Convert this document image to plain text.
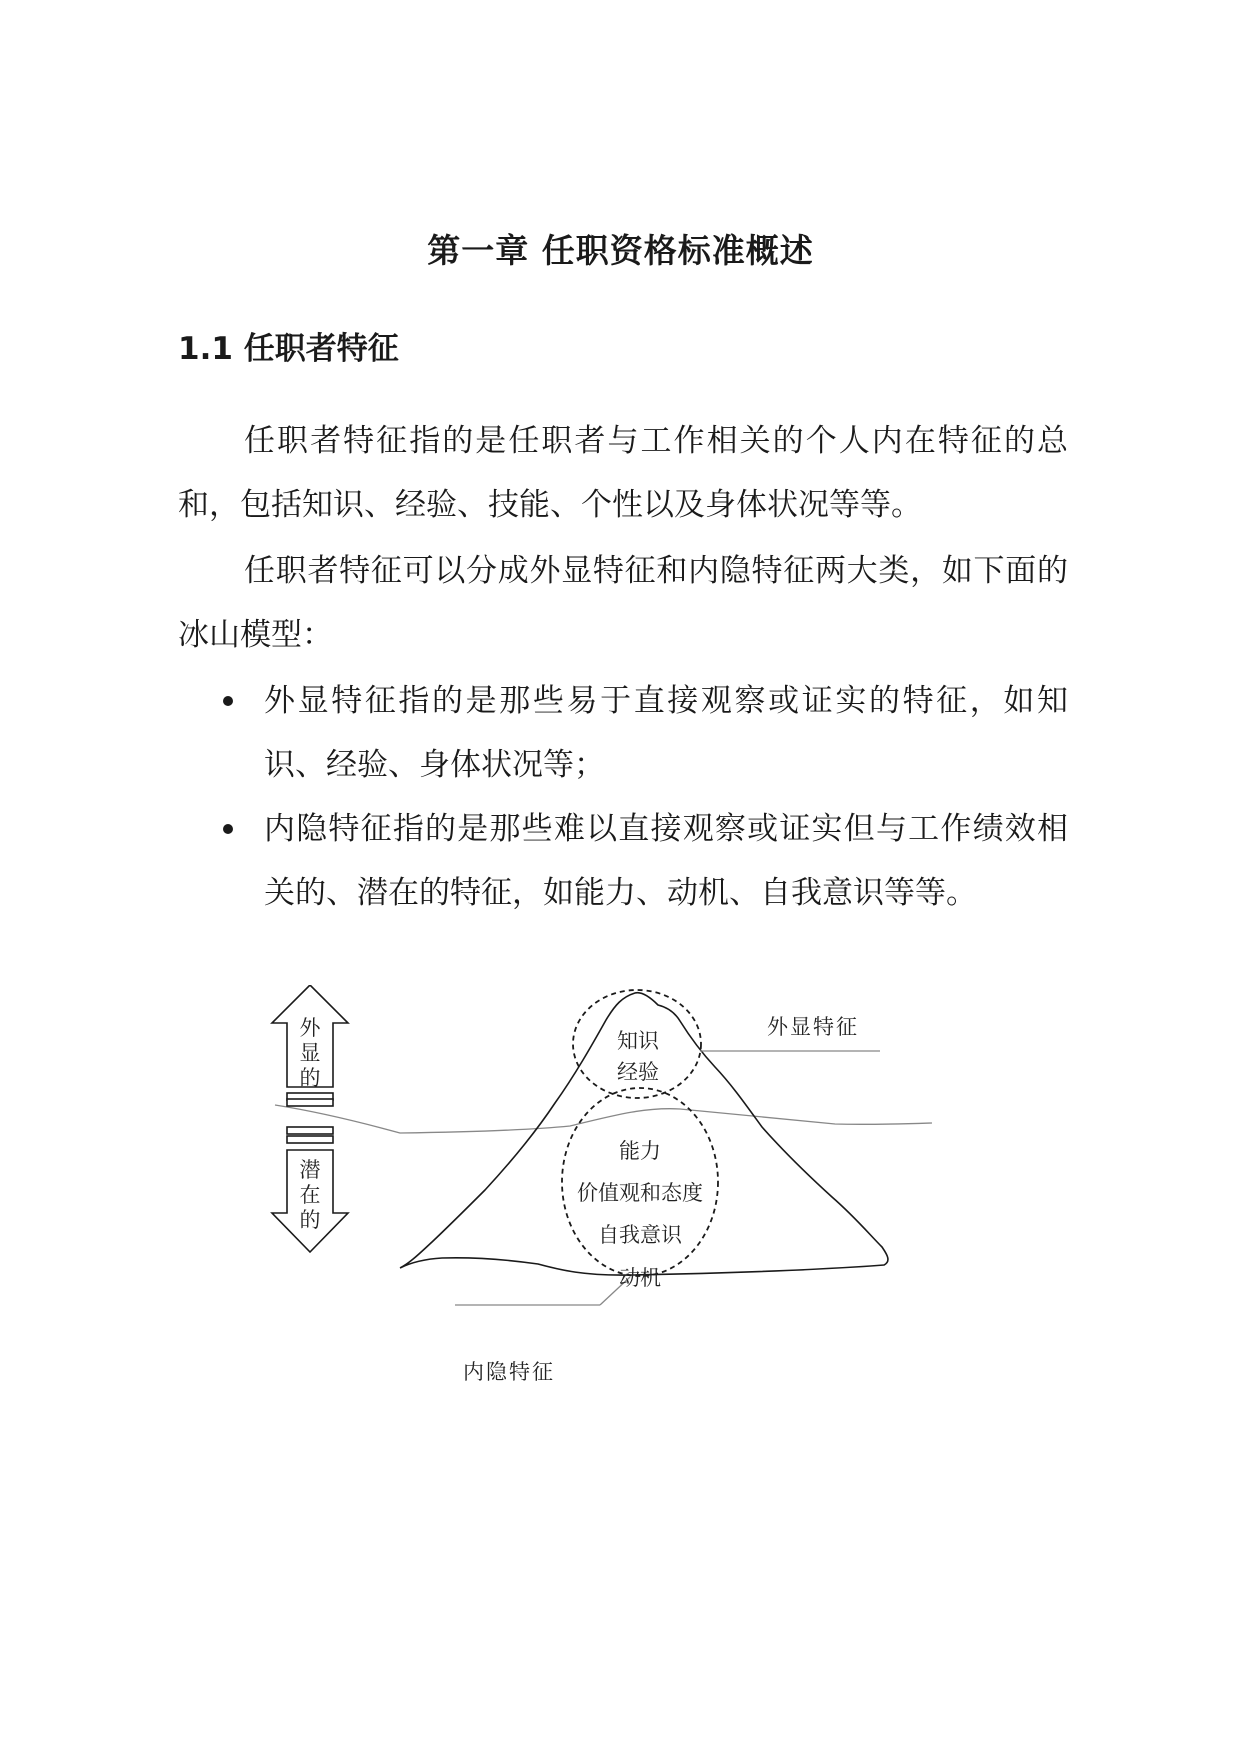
第一章 任职资格标准概述
1.1 任职者特征
任职者特征指的是任职者与工作相关的个人内在特征的总和，包括知识、经验、技能、个性以及身体状况等等。
任职者特征可以分成外显特征和内隐特征两大类，如下面的冰山模型：
外显特征指的是那些易于直接观察或证实的特征，如知识、经验、身体状况等；
内隐特征指的是那些难以直接观察或证实但与工作绩效相关的、潜在的特征，如能力、动机、自我意识等等。
外
显
的
潜
在
的
知识
经验
能力
价值观和态度
自我意识
动机
外显特征
内隐特征
